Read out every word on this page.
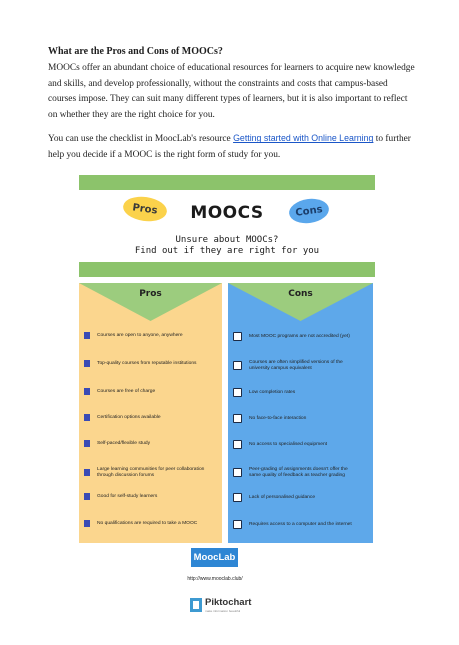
What are the Pros and Cons of MOOCs?

MOOCs offer an abundant choice of educational resources for learners to acquire new knowledge and skills, and develop professionally, without the constraints and costs that campus-based courses impose. They can suit many different types of learners, but it is also important to reflect on whether they are the right choice for you.

You can use the checklist in MoocLab's resource Getting started with Online Learning to further help you decide if a MOOC is the right form of study for you.

Pros	MOOCS	Cons
Unsure about MOOCs?
Find out if they are right for you
Pros
Courses are open to anyone, anywhere
Top-quality courses from reputable institutions
Courses are free of charge
Certification options available
Self-paced/flexible study
Large learning communities for peer collaboration through discussion forums
Good for self-study learners
No qualifications are required to take a MOOC
Cons
Most MOOC programs are not accredited (yet)
Courses are often simplified versions of the university campus equivalent
Low completion rates
No face-to-face interaction
No access to specialised equipment
Peer-grading of assignments doesn't offer the same quality of feedback as teacher grading
Lack of personalised guidance
Requires access to a computer and the internet
MoocLab
http://www.mooclab.club/
Piktochart
make information beautiful
